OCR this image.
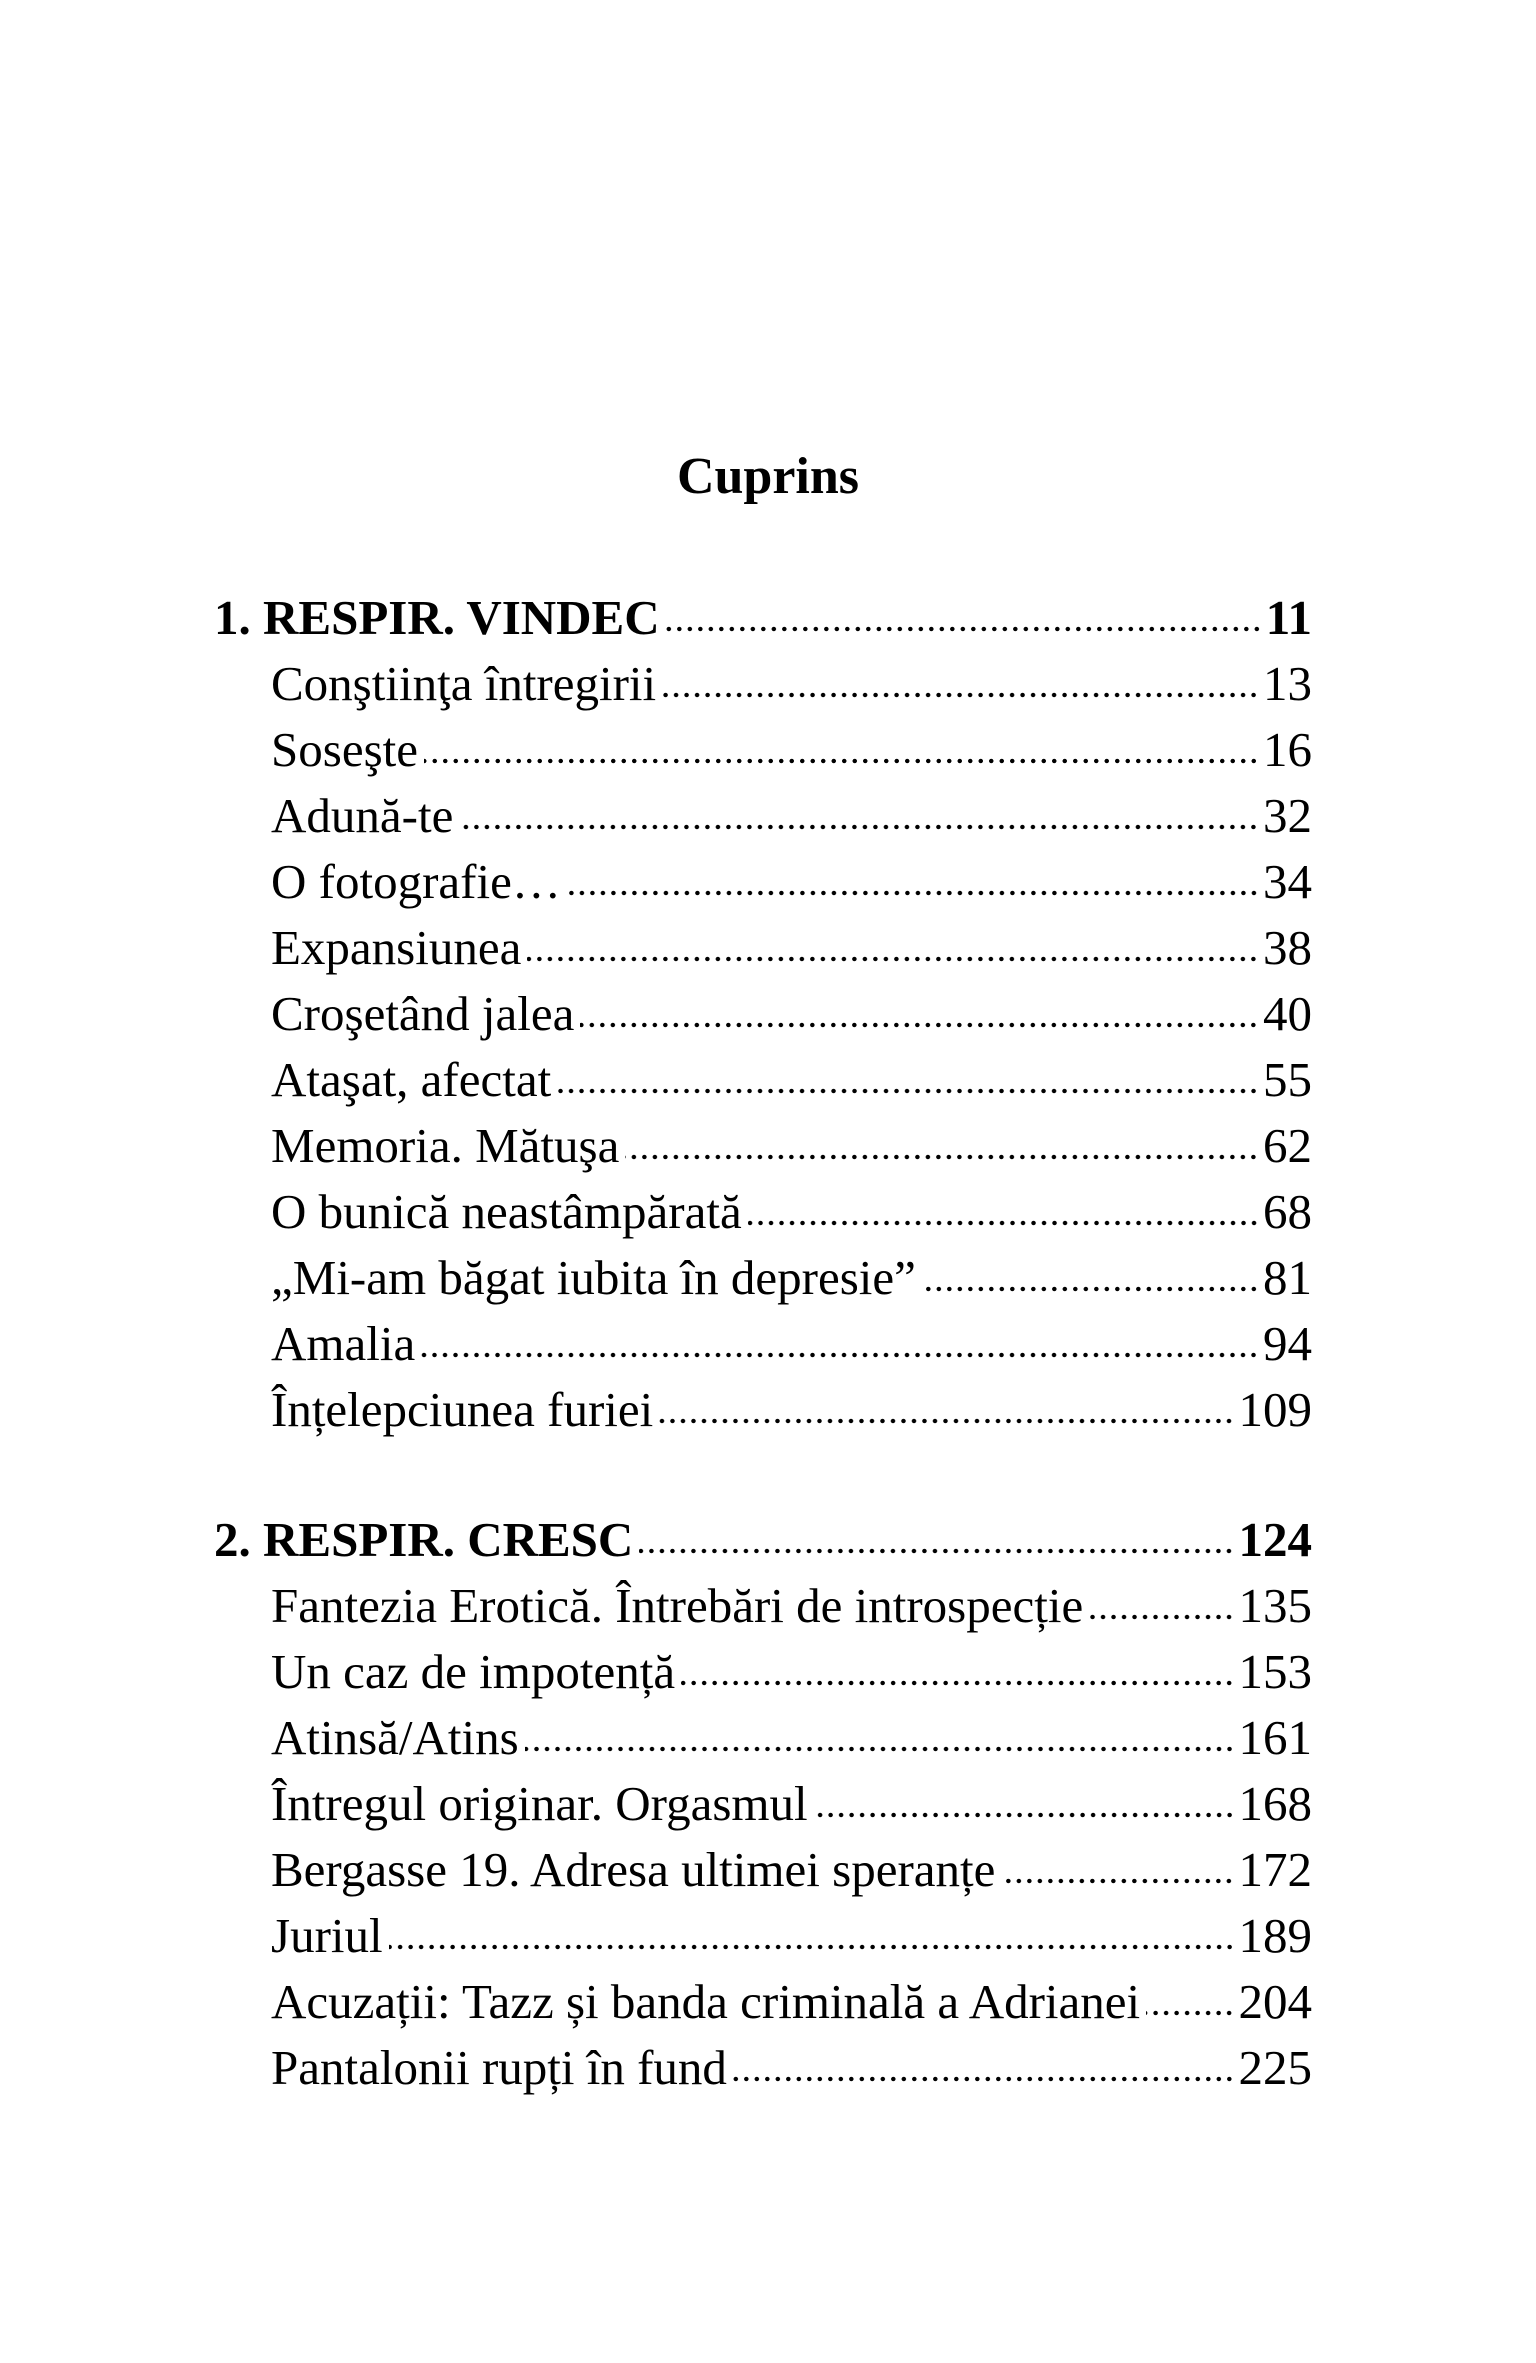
Cuprins
1. RESPIR. VINDEC	11
Conştiinţa întregirii	13
Soseşte	16
Adună-te	32
O fotografie…	34
Expansiunea	38
Croşetând jalea	40
Ataşat, afectat	55
Memoria. Mătuşa	62
O bunică neastâmpărată	68
„Mi-am băgat iubita în depresie”	81
Amalia	94
Înțelepciunea furiei	109
2. RESPIR. CRESC	124
Fantezia Erotică. Întrebări de introspecție	135
Un caz de impotență	153
Atinsă/Atins	161
Întregul originar. Orgasmul	168
Bergasse 19. Adresa ultimei speranțe	172
Juriul	189
Acuzații: Tazz și banda criminală a Adrianei 204
Pantalonii rupți în fund	225
